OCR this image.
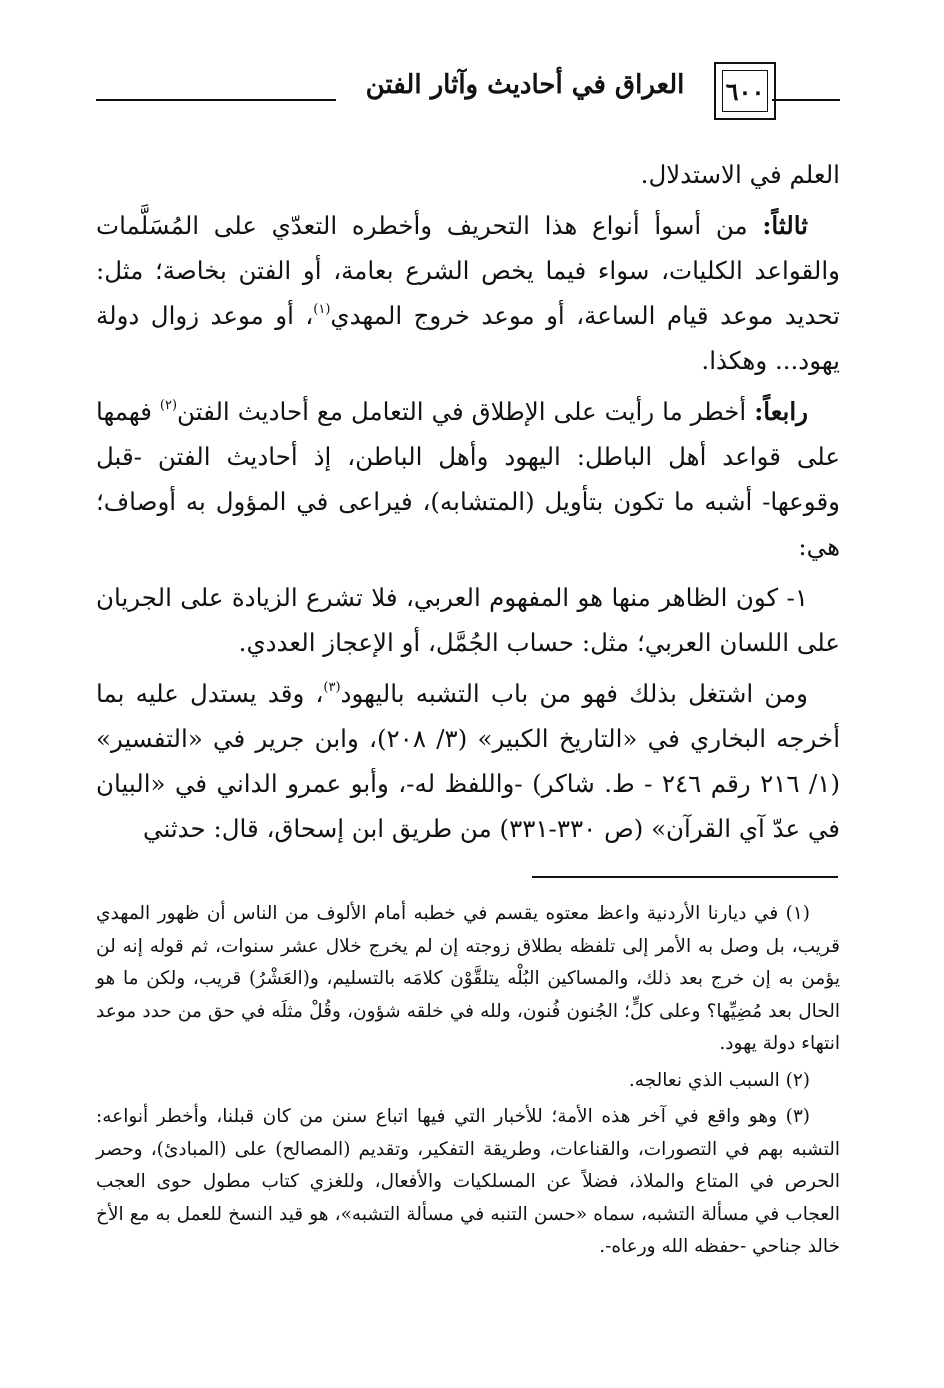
العراق في أحاديث وآثار الفتن	٦٠٠

العلم في الاستدلال.

ثالثاً: من أسوأ أنواع هذا التحريف وأخطره التعدّي على المُسَلَّمات والقواعد الكليات، سواء فيما يخص الشرع بعامة، أو الفتن بخاصة؛ مثل: تحديد موعد قيام الساعة، أو موعد خروج المهدي$^{(١)}$، أو موعد زوال دولة يهود... وهكذا.

رابعاً: أخطر ما رأيت على الإطلاق في التعامل مع أحاديث الفتن$^{(٢)}$ فهمها على قواعد أهل الباطل: اليهود وأهل الباطن، إذ أحاديث الفتن -قبل وقوعها- أشبه ما تكون بتأويل (المتشابه)، فيراعى في المؤول به أوصاف؛ هي:

١- كون الظاهر منها هو المفهوم العربي، فلا تشرع الزيادة على الجريان على اللسان العربي؛ مثل: حساب الجُمَّل، أو الإعجاز العددي.

ومن اشتغل بذلك فهو من باب التشبه باليهود$^{(٣)}$، وقد يستدل عليه بما أخرجه البخاري في «التاريخ الكبير» (٣/ ٢٠٨)، وابن جرير في «التفسير» (١/ ٢١٦ رقم ٢٤٦ - ط. شاكر) -واللفظ له-، وأبو عمرو الداني في «البيان في عدّ آي القرآن» (ص ٣٣٠-٣٣١) من طريق ابن إسحاق، قال: حدثني

(١) في ديارنا الأردنية واعظ معتوه يقسم في خطبه أمام الألوف من الناس أن ظهور المهدي قريب، بل وصل به الأمر إلى تلفظه بطلاق زوجته إن لم يخرج خلال عشر سنوات، ثم قوله إنه لن يؤمن به إن خرج بعد ذلك، والمساكين البُلْه يتلقَّوْن كلامَه بالتسليم، و(العَشْرُ) قريب، ولكن ما هو الحال بعد مُضِيِّها؟ وعلى كلٍّ؛ الجُنون فُنون، ولله في خلقه شؤون، وقُلْ مثلَه في حق من حدد موعد انتهاء دولة يهود.

(٢) السبب الذي نعالجه.

(٣) وهو واقع في آخر هذه الأمة؛ للأخبار التي فيها اتباع سنن من كان قبلنا، وأخطر أنواعه: التشبه بهم في التصورات، والقناعات، وطريقة التفكير، وتقديم (المصالح) على (المبادئ)، وحصر الحرص في المتاع والملاذ، فضلاً عن المسلكيات والأفعال، وللغزي كتاب مطول حوى العجب العجاب في مسألة التشبه، سماه «حسن التنبه في مسألة التشبه»، هو قيد النسخ للعمل به مع الأخ خالد جناحي -حفظه الله ورعاه-.
